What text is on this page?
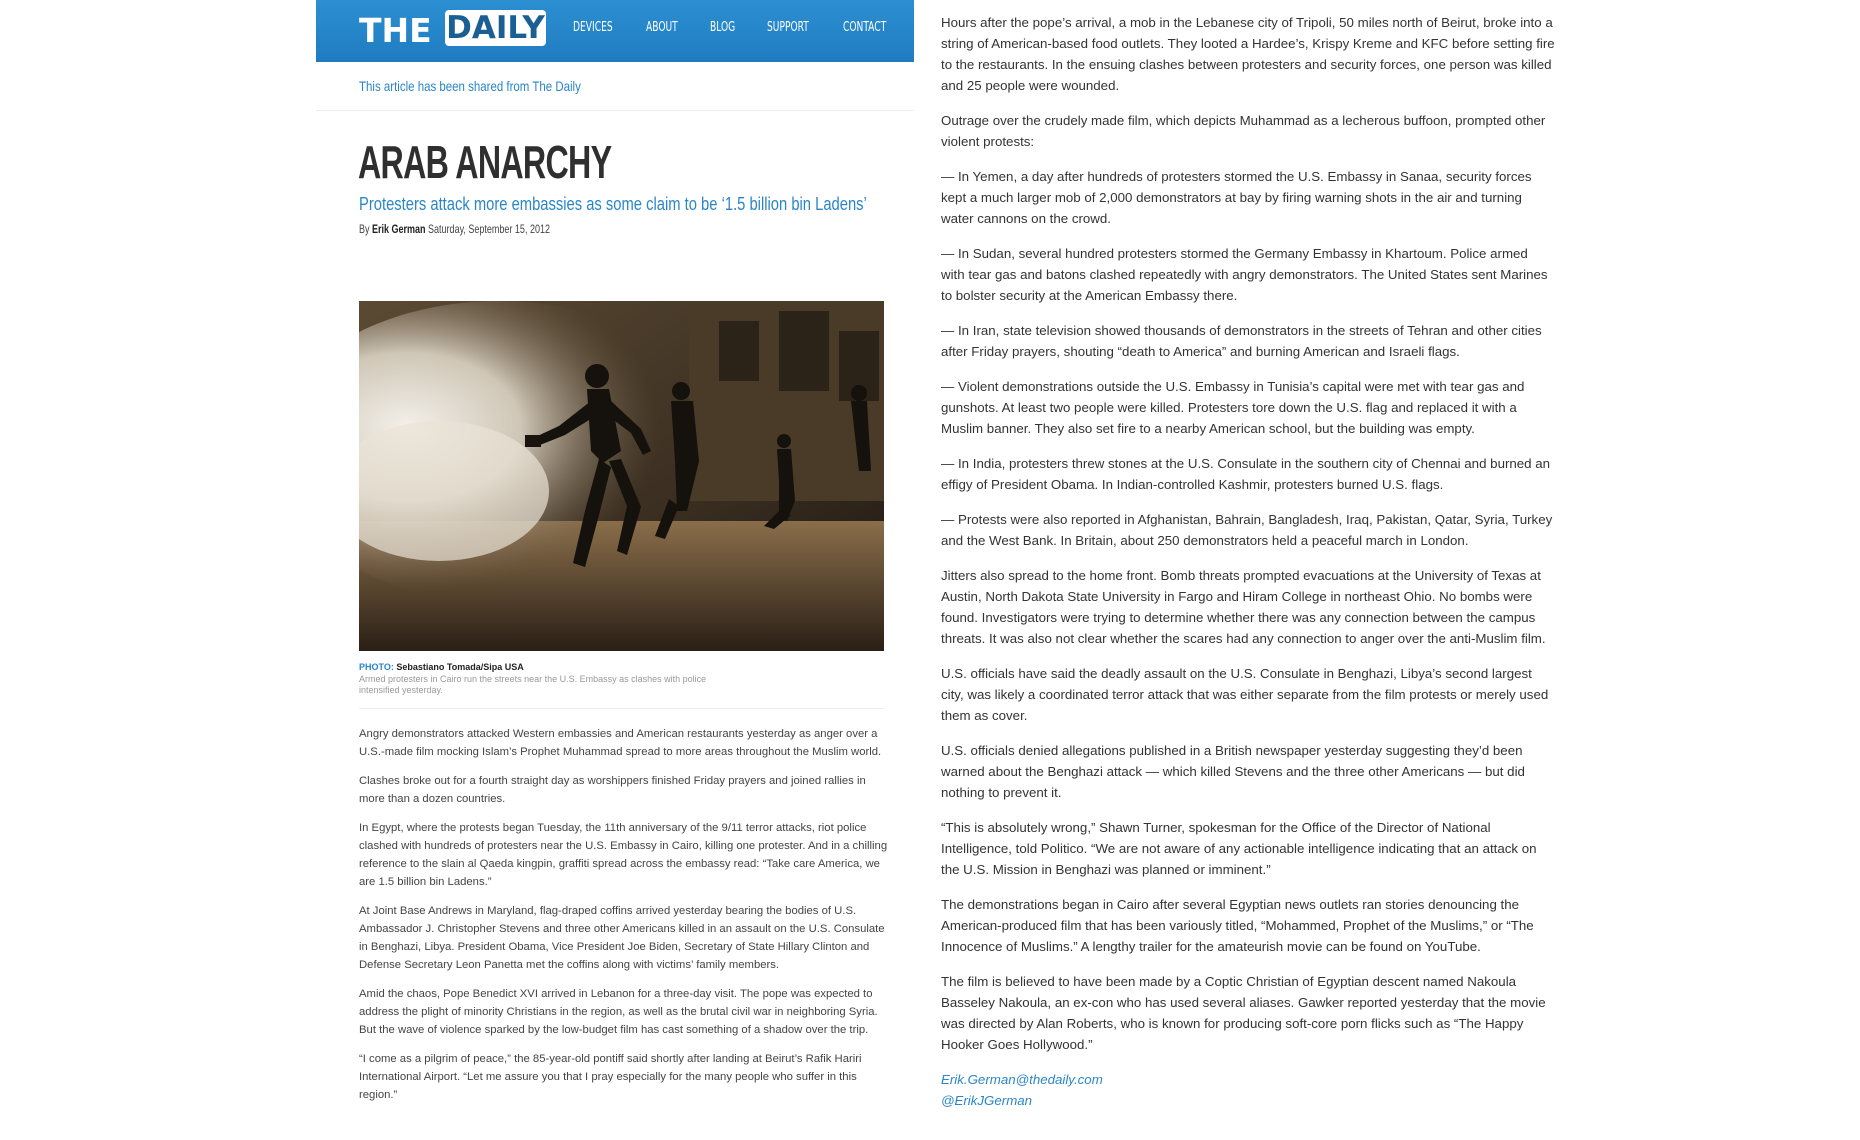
THE DAILY DEVICES	ABOUT BLOG SUPPORT	CONTACT
This article has been shared from The Daily
ARAB ANARCHY
Protesters attack more embassies as some claim to be ‘1.5 billion bin Ladens’
By Erik German Saturday, September 15, 2012
PHOTO: Sebastiano Tomada/Sipa USA
Armed protesters in Cairo run the streets near the U.S. Embassy as clashes with police intensified yesterday.

Angry demonstrators attacked Western embassies and American restaurants yesterday as anger over a U.S.-made film mocking Islam’s Prophet Muhammad spread to more areas throughout the Muslim world.

Clashes broke out for a fourth straight day as worshippers finished Friday prayers and joined rallies in more than a dozen countries.

In Egypt, where the protests began Tuesday, the 11th anniversary of the 9/11 terror attacks, riot police clashed with hundreds of protesters near the U.S. Embassy in Cairo, killing one protester. And in a chilling reference to the slain al Qaeda kingpin, graffiti spread across the embassy read: “Take care America, we are 1.5 billion bin Ladens.”

At Joint Base Andrews in Maryland, flag-draped coffins arrived yesterday bearing the bodies of U.S. Ambassador J. Christopher Stevens and three other Americans killed in an assault on the U.S. Consulate in Benghazi, Libya. President Obama, Vice President Joe Biden, Secretary of State Hillary Clinton and Defense Secretary Leon Panetta met the coffins along with victims’ family members.

Amid the chaos, Pope Benedict XVI arrived in Lebanon for a three-day visit. The pope was expected to address the plight of minority Christians in the region, as well as the brutal civil war in neighboring Syria. But the wave of violence sparked by the low-budget film has cast something of a shadow over the trip.

“I come as a pilgrim of peace,” the 85-year-old pontiff said shortly after landing at Beirut’s Rafik Hariri International Airport. “Let me assure you that I pray especially for the many people who suffer in this region.”

Hours after the pope’s arrival, a mob in the Lebanese city of Tripoli, 50 miles north of Beirut, broke into a string of American-based food outlets. They looted a Hardee’s, Krispy Kreme and KFC before setting fire to the restaurants. In the ensuing clashes between protesters and security forces, one person was killed and 25 people were wounded.

Outrage over the crudely made film, which depicts Muhammad as a lecherous buffoon, prompted other violent protests:

— In Yemen, a day after hundreds of protesters stormed the U.S. Embassy in Sanaa, security forces kept a much larger mob of 2,000 demonstrators at bay by firing warning shots in the air and turning water cannons on the crowd.

— In Sudan, several hundred protesters stormed the Germany Embassy in Khartoum. Police armed with tear gas and batons clashed repeatedly with angry demonstrators. The United States sent Marines to bolster security at the American Embassy there.

— In Iran, state television showed thousands of demonstrators in the streets of Tehran and other cities after Friday prayers, shouting “death to America” and burning American and Israeli flags.

— Violent demonstrations outside the U.S. Embassy in Tunisia’s capital were met with tear gas and gunshots. At least two people were killed. Protesters tore down the U.S. flag and replaced it with a Muslim banner. They also set fire to a nearby American school, but the building was empty.

— In India, protesters threw stones at the U.S. Consulate in the southern city of Chennai and burned an effigy of President Obama. In Indian-controlled Kashmir, protesters burned U.S. flags.

— Protests were also reported in Afghanistan, Bahrain, Bangladesh, Iraq, Pakistan, Qatar, Syria, Turkey and the West Bank. In Britain, about 250 demonstrators held a peaceful march in London.

Jitters also spread to the home front. Bomb threats prompted evacuations at the University of Texas at Austin, North Dakota State University in Fargo and Hiram College in northeast Ohio. No bombs were found. Investigators were trying to determine whether there was any connection between the campus threats. It was also not clear whether the scares had any connection to anger over the anti-Muslim film.

U.S. officials have said the deadly assault on the U.S. Consulate in Benghazi, Libya’s second largest city, was likely a coordinated terror attack that was either separate from the film protests or merely used them as cover.

U.S. officials denied allegations published in a British newspaper yesterday suggesting they’d been warned about the Benghazi attack — which killed Stevens and the three other Americans — but did nothing to prevent it.

“This is absolutely wrong,” Shawn Turner, spokesman for the Office of the Director of National Intelligence, told Politico. “We are not aware of any actionable intelligence indicating that an attack on the U.S. Mission in Benghazi was planned or imminent.”

The demonstrations began in Cairo after several Egyptian news outlets ran stories denouncing the American-produced film that has been variously titled, “Mohammed, Prophet of the Muslims,” or “The Innocence of Muslims.” A lengthy trailer for the amateurish movie can be found on YouTube.

The film is believed to have been made by a Coptic Christian of Egyptian descent named Nakoula Basseley Nakoula, an ex-con who has used several aliases. Gawker reported yesterday that the movie was directed by Alan Roberts, who is known for producing soft-core porn flicks such as “The Happy Hooker Goes Hollywood.”

Erik.German@thedaily.com
@ErikJGerman
